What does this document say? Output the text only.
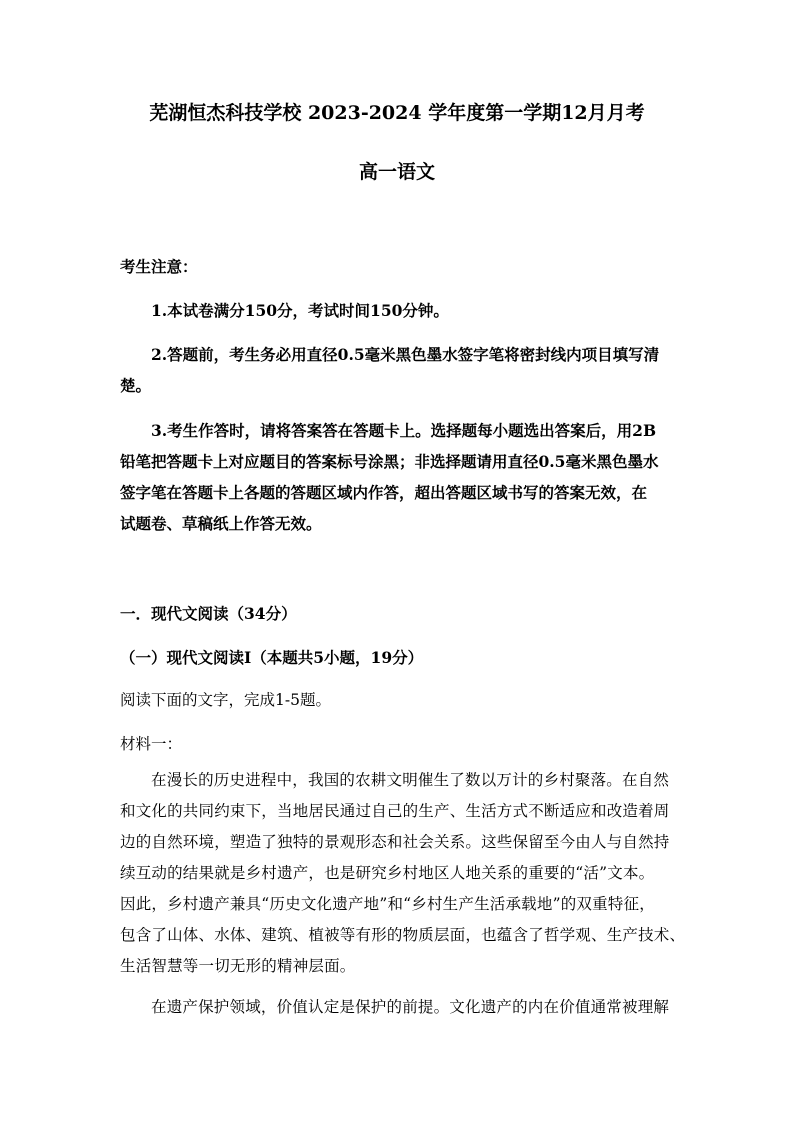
芜湖恒杰科技学校 2023-2024 学年度第一学期12月月考
高一语文
考生注意：
1.本试卷满分150分，考试时间150分钟。
2.答题前，考生务必用直径0.5毫米黑色墨水签字笔将密封线内项目填写清
楚。
3.考生作答时，请将答案答在答题卡上。选择题每小题选出答案后，用2B
铅笔把答题卡上对应题目的答案标号涂黑；非选择题请用直径0.5毫米黑色墨水
签字笔在答题卡上各题的答题区域内作答，超出答题区域书写的答案无效，在
试题卷、草稿纸上作答无效。
一．现代文阅读（34分）
（一）现代文阅读Ⅰ（本题共5小题，19分）
阅读下面的文字，完成1-5题。
材料一：
在漫长的历史进程中，我国的农耕文明催生了数以万计的乡村聚落。在自然
和文化的共同约束下，当地居民通过自己的生产、生活方式不断适应和改造着周
边的自然环境，塑造了独特的景观形态和社会关系。这些保留至今由人与自然持
续互动的结果就是乡村遗产，也是研究乡村地区人地关系的重要的“活”文本。
因此，乡村遗产兼具“历史文化遗产地”和“乡村生产生活承载地”的双重特征，
包含了山体、水体、建筑、植被等有形的物质层面，也蕴含了哲学观、生产技术、
生活智慧等一切无形的精神层面。
在遗产保护领域，价值认定是保护的前提。文化遗产的内在价值通常被理解
